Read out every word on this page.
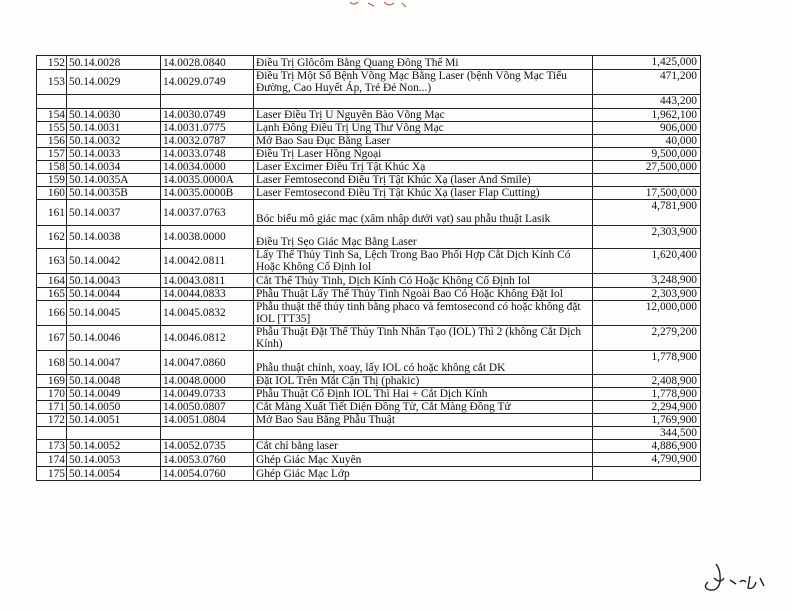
152	50.14.0028	14.0028.0840	Điều Trị Glôcôm Bằng Quang Đông Thể Mi	1,425,000
153	50.14.0029	14.0029.0749	Điều Trị Một Số Bệnh Võng Mạc Bằng Laser (bệnh Võng Mạc Tiểu Đường, Cao Huyết Áp, Trẻ Đẻ Non...)	471,200
				443,200
154	50.14.0030	14.0030.0749	Laser Điều Trị U Nguyên Bào Võng Mạc	1,962,100
155	50.14.0031	14.0031.0775	Lạnh Đông Điều Trị Ung Thư Võng Mạc	906,000
156	50.14.0032	14.0032.0787	Mở Bao Sau Đục Bằng Laser	40,000
157	50.14.0033	14.0033.0748	Điều Trị Laser Hồng Ngoại	9,500,000
158	50.14.0034	14.0034.0000	Laser Excimer Điều Trị Tật Khúc Xạ	27,500,000
159	50.14.0035A	14.0035.0000A	Laser Femtosecond Điều Trị Tật Khúc Xạ (laser And Smile)	
160	50.14.0035B	14.0035.0000B	Laser Femtosecond Điều Trị Tật Khúc Xạ (laser Flap Cutting)	17,500,000
161	50.14.0037	14.0037.0763	Bóc biểu mô giác mạc (xâm nhập dưới vạt) sau phẫu thuật Lasik	4,781,900
162	50.14.0038	14.0038.0000	Điều Trị Sẹo Giác Mạc Bằng Laser	2,303,900
163	50.14.0042	14.0042.0811	Lấy Thể Thủy Tinh Sa, Lệch Trong Bao Phối Hợp Cắt Dịch Kính Có Hoặc Không Cố Định Iol	1,620,400
164	50.14.0043	14.0043.0811	Cắt Thể Thủy Tinh, Dịch Kính Có Hoặc Không Cố Định Iol	3,248,900
165	50.14.0044	14.0044.0833	Phẫu Thuật Lấy Thể Thủy Tinh Ngoài Bao Có Hoặc Không Đặt Iol	2,303,900
166	50.14.0045	14.0045.0832	Phẫu thuật thể thủy tinh bằng phaco và femtosecond có hoặc không đặt IOL [TT35]	12,000,000
167	50.14.0046	14.0046.0812	Phẫu Thuật Đặt Thể Thủy Tinh Nhân Tạo (IOL) Thì 2 (không Cắt Dịch Kính)	2,279,200
168	50.14.0047	14.0047.0860	Phẫu thuật chỉnh, xoay, lấy IOL có hoặc không cắt DK	1,778,900
169	50.14.0048	14.0048.0000	Đặt IOL Trên Mắt Cận Thị (phakic)	2,408,900
170	50.14.0049	14.0049.0733	Phẫu Thuật Cố Định IOL Thì Hai + Cắt Dịch Kính	1,778,900
171	50.14.0050	14.0050.0807	Cắt Màng Xuất Tiết Diện Đồng Tử, Cắt Màng Đồng Tử	2,294,900
172	50.14.0051	14.0051.0804	Mở Bao Sau Bằng Phẫu Thuật	1,769,900
				344,500
173	50.14.0052	14.0052.0735	Cắt chỉ bằng laser	4,886,900
174	50.14.0053	14.0053.0760	Ghép Giác Mạc Xuyên	4,790,900
175	50.14.0054	14.0054.0760	Ghép Giác Mạc Lớp	
